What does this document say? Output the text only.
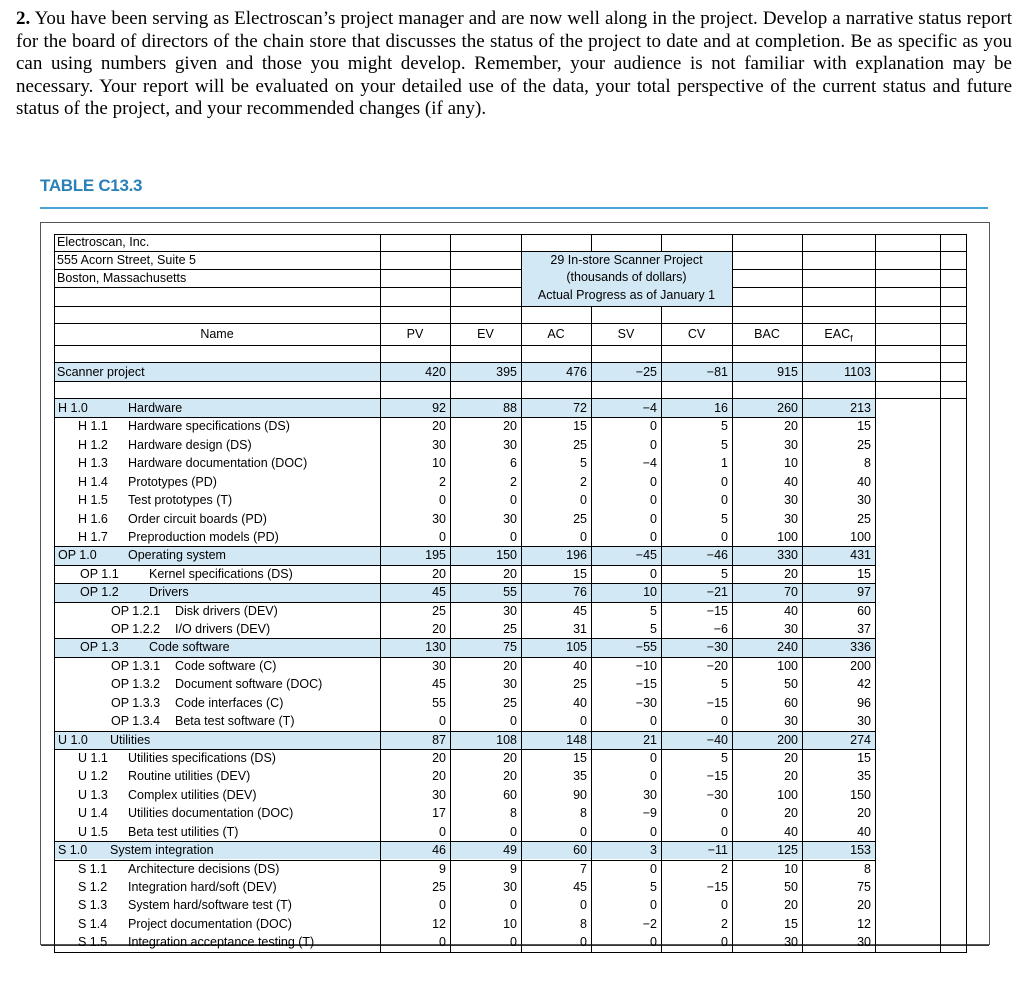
2. You have been serving as Electroscan’s project manager and are now well along in the project. Develop a narrative status report for the board of directors of the chain store that discusses the status of the project to date and at completion. Be as specific as you can using numbers given and those you might develop. Remember, your audience is not familiar with explanation may be necessary. Your report will be evaluated on your detailed use of the data, your total perspective of the current status and future status of the project, and your recommended changes (if any).
TABLE C13.3
Electroscan, Inc.
555 Acorn Street, Suite 5
Boston, Massachusetts
29 In-store Scanner Project
(thousands of dollars)
Actual Progress as of January 1
Name	PV	EV	AC	SV	CV	BAC	$EAC_f$
Scanner project	420	395	476	−25	−81	915	1103
H 1.0	Hardware	92	88	72	−4	16	260	213
H 1.1	Hardware specifications (DS)	20	20	15	0	5	20	15
H 1.2	Hardware design (DS)	30	30	25	0	5	30	25
H 1.3	Hardware documentation (DOC)	10	6	5	−4	1	10	8
H 1.4	Prototypes (PD)	2	2	2	0	0	40	40
H 1.5	Test prototypes (T)	0	0	0	0	0	30	30
H 1.6	Order circuit boards (PD)	30	30	25	0	5	30	25
H 1.7	Preproduction models (PD)	0	0	0	0	0	100	100
OP 1.0	Operating system	195	150	196	−45	−46	330	431
OP 1.1	Kernel specifications (DS)	20	20	15	0	5	20	15
OP 1.2	Drivers	45	55	76	10	−21	70	97
OP 1.2.1	Disk drivers (DEV)	25	30	45	5	−15	40	60
OP 1.2.2	I/O drivers (DEV)	20	25	31	5	−6	30	37
OP 1.3	Code software	130	75	105	−55	−30	240	336
OP 1.3.1	Code software (C)	30	20	40	−10	−20	100	200
OP 1.3.2	Document software (DOC)	45	30	25	−15	5	50	42
OP 1.3.3	Code interfaces (C)	55	25	40	−30	−15	60	96
OP 1.3.4	Beta test software (T)	0	0	0	0	0	30	30
U 1.0	Utilities	87	108	148	21	−40	200	274
U 1.1	Utilities specifications (DS)	20	20	15	0	5	20	15
U 1.2	Routine utilities (DEV)	20	20	35	0	−15	20	35
U 1.3	Complex utilities (DEV)	30	60	90	30	−30	100	150
U 1.4	Utilities documentation (DOC)	17	8	8	−9	0	20	20
U 1.5	Beta test utilities (T)	0	0	0	0	0	40	40
S 1.0	System integration	46	49	60	3	−11	125	153
S 1.1	Architecture decisions (DS)	9	9	7	0	2	10	8
S 1.2	Integration hard/soft (DEV)	25	30	45	5	−15	50	75
S 1.3	System hard/software test (T)	0	0	0	0	0	20	20
S 1.4	Project documentation (DOC)	12	10	8	−2	2	15	12
S 1.5	Integration acceptance testing (T)	0	0	0	0	0	30	30
